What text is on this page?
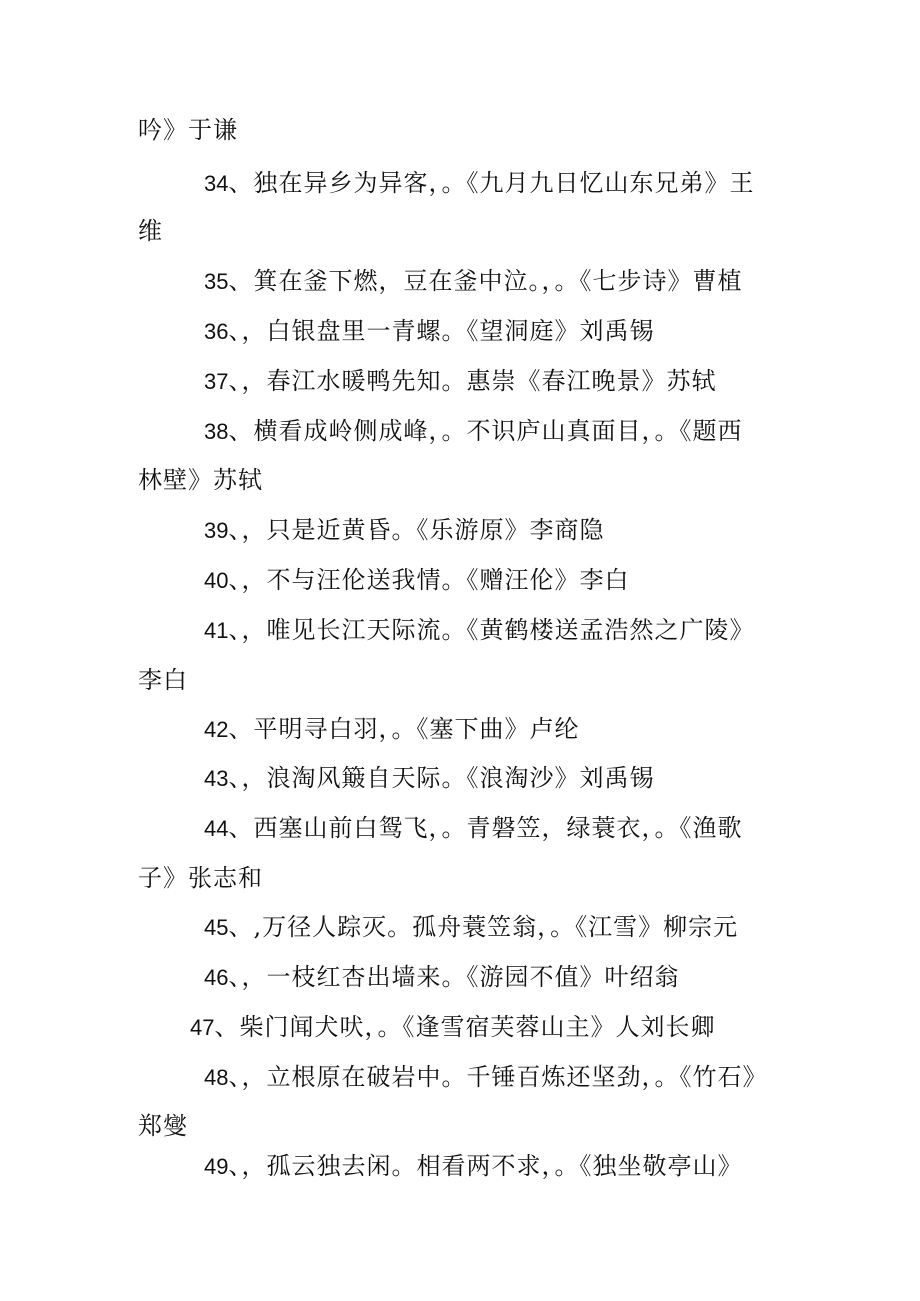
吟》于谦
34、独在异乡为异客，。《九月九日忆山东兄弟》王
维
35、箕在釜下燃，豆在釜中泣。，。《七步诗》曹植
36、，白银盘里一青螺。《望洞庭》刘禹锡
37、，春江水暖鸭先知。惠崇《春江晚景》苏轼
38、横看成岭侧成峰，。不识庐山真面目，。《题西
林壁》苏轼
39、，只是近黄昏。《乐游原》李商隐
40、，不与汪伦送我情。《赠汪伦》李白
41、，唯见长江天际流。《黄鹤楼送孟浩然之广陵》
李白
42、平明寻白羽，。《塞下曲》卢纶
43、，浪淘风簸自天际。《浪淘沙》刘禹锡
44、西塞山前白鸳飞，。青磐笠，绿蓑衣，。《渔歌
子》张志和
45、,万径人踪灭。孤舟蓑笠翁，。《江雪》柳宗元
46、，一枝红杏出墙来。《游园不值》叶绍翁
47、柴门闻犬吠，。《逢雪宿芙蓉山主》人刘长卿
48、，立根原在破岩中。千锤百炼还坚劲，。《竹石》
郑燮
49、，孤云独去闲。相看两不求，。《独坐敬亭山》
